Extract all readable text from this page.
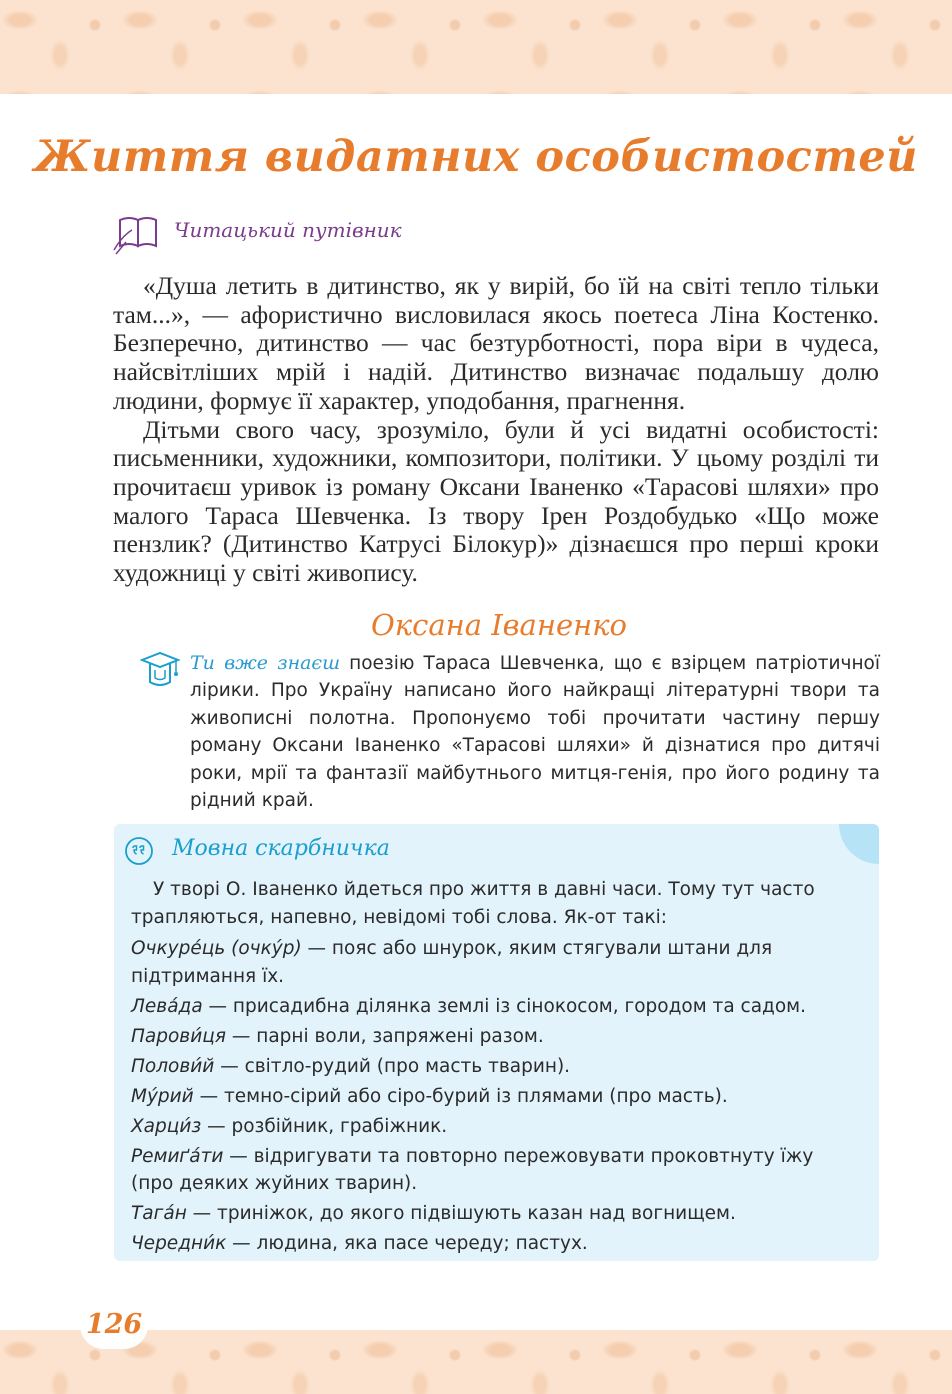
Життя видатних особистостей
Читацький путівник

«Душа летить в дитинство, як у вирій, бо їй на світі тепло тільки там...», — афористично висловилася якось поетеса Ліна Костенко. Безперечно, дитинство — час безтурботності, пора віри в чудеса, найсвітліших мрій і надій. Дитинство визначає подальшу долю людини, формує її характер, уподобання, прагнення.

Дітьми свого часу, зрозуміло, були й усі видатні особистості: письменники, художники, композитори, політики. У цьому розділі ти прочитаєш уривок із роману Оксани Іваненко «Тарасові шляхи» про малого Тараса Шевченка. Із твору Ірен Роздобудько «Що може пензлик? (Дитинство Катрусі Білокур)» дізнаєшся про перші кроки художниці у світі живопису.

Оксана Іваненко

Ти вже знаєш поезію Тараса Шевченка, що є взірцем патріотичної лірики. Про Україну написано його найкращі літературні твори та живописні полотна. Пропонуємо тобі прочитати частину першу роману Оксани Іваненко «Тарасові шляхи» й дізнатися про дитячі роки, мрії та фантазії майбутнього митця-генія, про його родину та рідний край.

Мовна скарбничка

У творі О. Іваненко йдеться про життя в давні часи. Тому тут часто трапляються, напевно, невідомі тобі слова. Як-от такі:

Очкуре́ць (очку́р) — пояс або шнурок, яким стягували штани для підтримання їх.

Лева́да — присадибна ділянка землі із сінокосом, городом та садом.

Парови́ця — парні воли, запряжені разом.

Полови́й — світло-рудий (про масть тварин).

Му́рий — темно-сірий або сіро-бурий із плямами (про масть).

Харци́з — розбійник, грабіжник.

Ремиґа́ти — відригувати та повторно пережовувати проковтнуту їжу (про деяких жуйних тварин).

Тага́н — триніжок, до якого підвішують казан над вогнищем.

Чередни́к — людина, яка пасе череду; пастух.

126
